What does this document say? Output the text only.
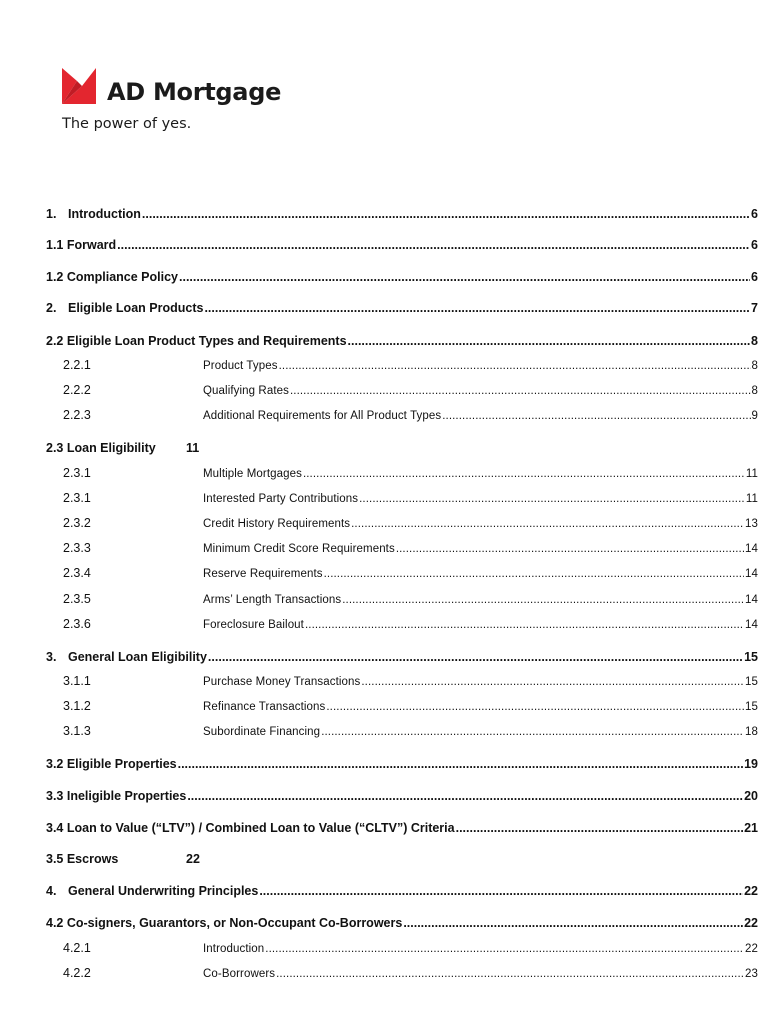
AD Mortgage
The power of yes.
1. Introduction .....	6
1.1 Forward .....	6
1.2 Compliance Policy .....	6
2. Eligible Loan Products .....	7
2.2 Eligible Loan Product Types and Requirements .....	8
2.2.1	Product Types .....	8
2.2.2	Qualifying Rates .....	8
2.2.3	Additional Requirements for All Product Types .....	9
2.3 Loan Eligibility	11
2.3.1	Multiple Mortgages .....	11
2.3.1	Interested Party Contributions .....	11
2.3.2	Credit History Requirements .....	13
2.3.3	Minimum Credit Score Requirements .....	14
2.3.4	Reserve Requirements .....	14
2.3.5	Arms’ Length Transactions .....	14
2.3.6	Foreclosure Bailout .....	14
3. General Loan Eligibility .....	15
3.1.1	Purchase Money Transactions .....	15
3.1.2	Refinance Transactions .....	15
3.1.3	Subordinate Financing .....	18
3.2 Eligible Properties .....	19
3.3 Ineligible Properties .....	20
3.4 Loan to Value (“LTV”) / Combined Loan to Value (“CLTV”) Criteria .....	21
3.5 Escrows	22
4. General Underwriting Principles .....	22
4.2 Co-signers, Guarantors, or Non-Occupant Co-Borrowers .....	22
4.2.1	Introduction .....	22
4.2.2	Co-Borrowers .....	23
